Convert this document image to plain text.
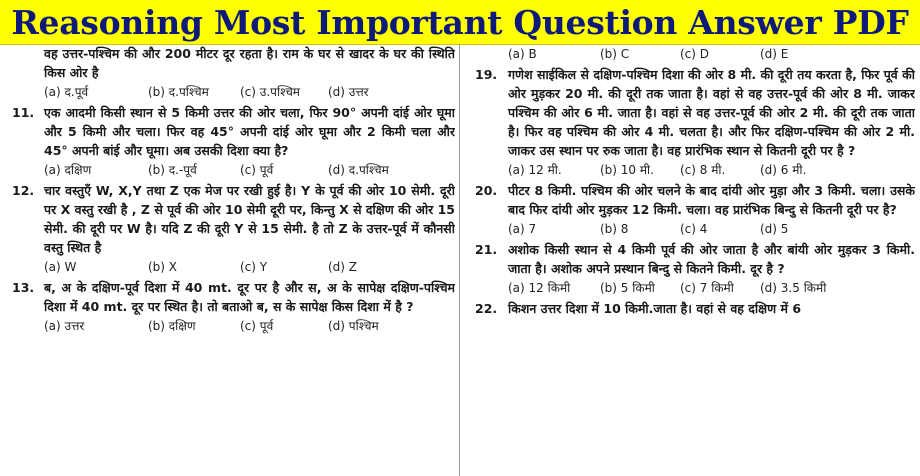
Reasoning Most Important Question Answer PDF
वह उत्तर-पश्चिम की और 200 मीटर दूर रहता है। राम के घर से खादर के घर की स्थिति किस ओर है
(a) द.पूर्व	(b) द.पश्चिम	(c) उ.पश्चिम	(d) उत्तर
11. एक आदमी किसी स्थान से 5 किमी उत्तर की ओर चला, फिर 90° अपनी दांई ओर घूमा और 5 किमी और चला। फिर वह 45° अपनी दांई ओर घूमा और 2 किमी चला और 45° अपनी बांई और घूमा। अब उसकी दिशा क्या है?
(a) दक्षिण	(b) द.-पूर्व	(c) पूर्व	(d) द.पश्चिम
12. चार वस्तुएँ W, X,Y तथा Z एक मेज पर रखी हुई है। Y के पूर्व की ओर 10 सेमी. दूरी पर X वस्तु रखी है , Z से पूर्व की ओर 10 सेमी दूरी पर, किन्तु X से दक्षिण की ओर 15 सेमी. की दूरी पर W है। यदि Z की दूरी Y से 15 सेमी. है तो Z के उत्तर-पूर्व में कौनसी वस्तु स्थित है
(a) W	(b) X	(c) Y	(d) Z
13. ब, अ के दक्षिण-पूर्व दिशा में 40 mt. दूर पर है और स, अ के सापेक्ष दक्षिण-पश्चिम दिशा में 40 mt. दूर पर स्थित है। तो बताओ ब, स के सापेक्ष किस दिशा में है ?
(a) उत्तर	(b) दक्षिण	(c) पूर्व	(d) पश्चिम
(a) B	(b) C	(c) D	(d) E
19. गणेश साईकिल से दक्षिण-पश्चिम दिशा की ओर 8 मी. की दूरी तय करता है, फिर पूर्व की ओर मुड़कर 20 मी. की दूरी तक जाता है। वहां से वह उत्तर-पूर्व की ओर 8 मी. जाकर पश्चिम की ओर 6 मी. जाता है। वहां से वह उत्तर-पूर्व की ओर 2 मी. की दूरी तक जाता है। फिर वह पश्चिम की ओर 4 मी. चलता है। और फिर दक्षिण-पश्चिम की ओर 2 मी. जाकर उस स्थान पर रुक जाता है। वह प्रारंभिक स्थान से कितनी दूरी पर है ?
(a) 12 मी.	(b) 10 मी.	(c) 8 मी.	(d) 6 मी.
20. पीटर 8 किमी. पश्चिम की ओर चलने के बाद दांयी ओर मुड़ा और 3 किमी. चला। उसके बाद फिर दांयी ओर मुड़कर 12 किमी. चला। वह प्रारंभिक बिन्दु से कितनी दूरी पर है?
(a) 7	(b) 8	(c) 4	(d) 5
21. अशोक किसी स्थान से 4 किमी पूर्व की ओर जाता है और बांयी ओर मुड़कर 3 किमी. जाता है। अशोक अपने प्रस्थान बिन्दु से कितने किमी. दूर है ?
(a) 12 किमी	(b) 5 किमी	(c) 7 किमी	(d) 3.5 किमी
22. किशन उत्तर दिशा में 10 किमी.जाता है। वहां से वह दक्षिण में 6
